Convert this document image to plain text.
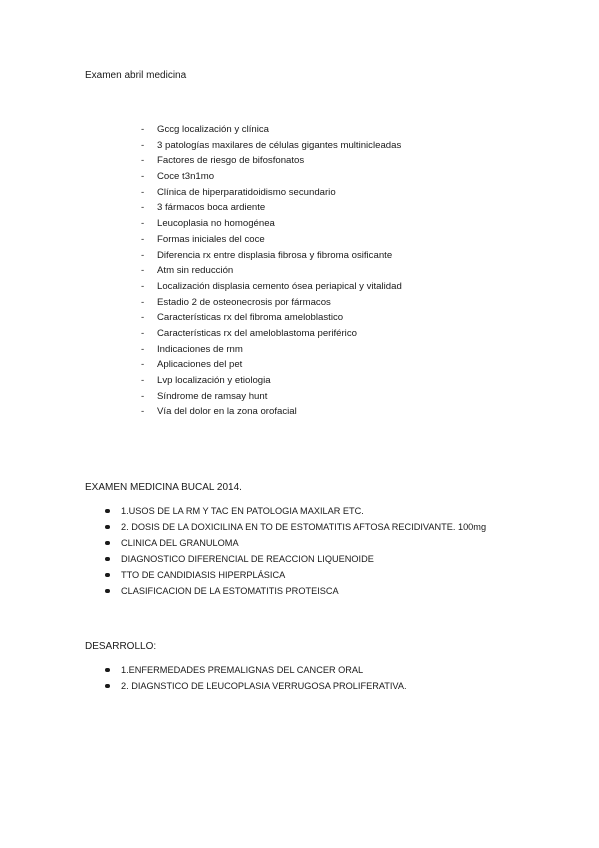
Examen abril medicina
- Gccg localización y clínica
- 3 patologías maxilares de células gigantes multinicleadas
- Factores de riesgo de bifosfonatos
- Coce t3n1mo
- Clínica de hiperparatidoidismo secundario
- 3 fármacos boca ardiente
- Leucoplasia no homogénea
- Formas iniciales del coce
- Diferencia rx entre displasia fibrosa y fibroma osificante
- Atm sin reducción
- Localización displasia cemento ósea periapical y vitalidad
- Estadio 2 de osteonecrosis por fármacos
- Características rx del fibroma ameloblastico
- Características rx del ameloblastoma periférico
- Indicaciones de rnm
- Aplicaciones del pet
- Lvp localización y etiologia
- Síndrome de ramsay hunt
- Vía del dolor en la zona orofacial
EXAMEN MEDICINA BUCAL 2014.
1.USOS DE LA RM Y TAC EN PATOLOGIA MAXILAR ETC.
2. DOSIS DE LA DOXICILINA EN TO DE ESTOMATITIS AFTOSA RECIDIVANTE. 100mg
CLINICA DEL GRANULOMA
DIAGNOSTICO DIFERENCIAL DE REACCION LIQUENOIDE
TTO DE CANDIDIASIS HIPERPLÁSICA
CLASIFICACION DE LA ESTOMATITIS PROTEISCA
DESARROLLO:
1.ENFERMEDADES PREMALIGNAS DEL CANCER ORAL
2. DIAGNSTICO DE LEUCOPLASIA VERRUGOSA PROLIFERATIVA.
